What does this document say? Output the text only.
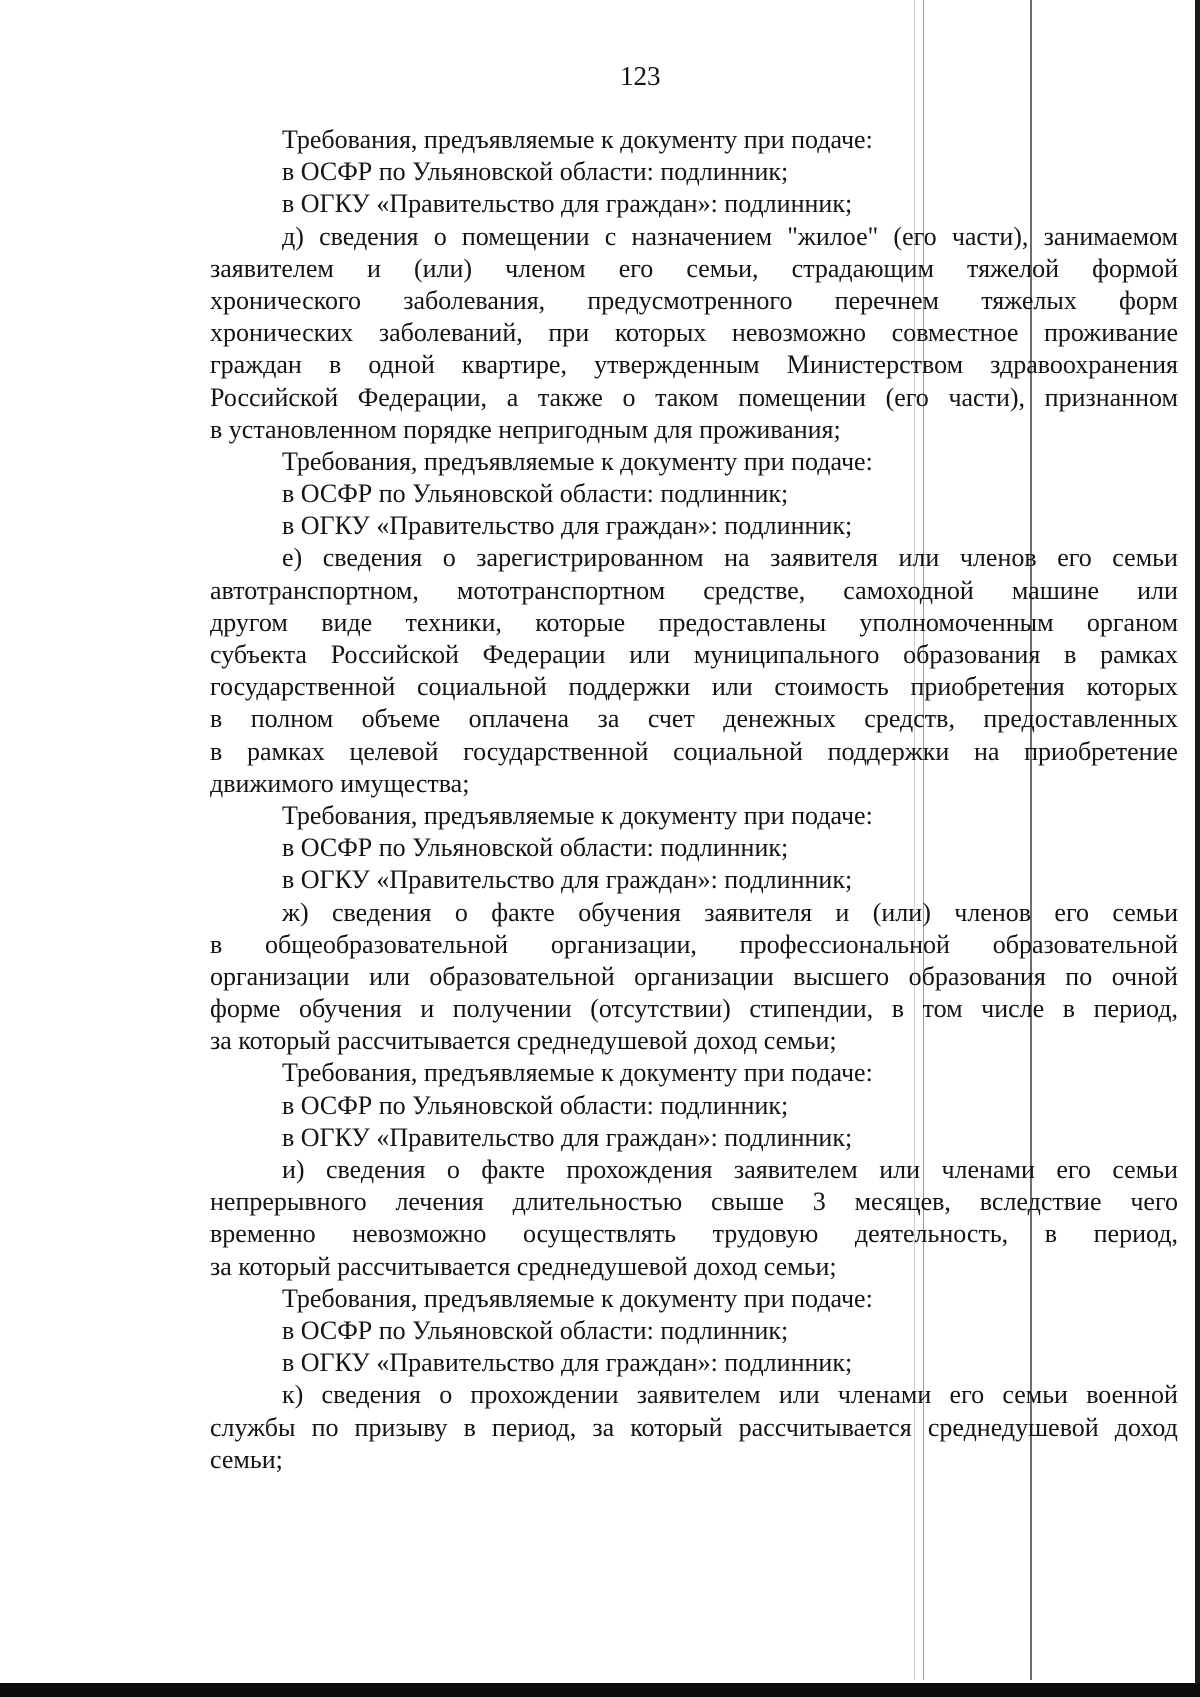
123
Требования, предъявляемые к документу при подаче:
в ОСФР по Ульяновской области: подлинник;
в ОГКУ «Правительство для граждан»: подлинник;
д) сведения о помещении с назначением "жилое" (его части), занимаемом
заявителем и (или) членом его семьи, страдающим тяжелой формой
хронического заболевания, предусмотренного перечнем тяжелых форм
хронических заболеваний, при которых невозможно совместное проживание
граждан в одной квартире, утвержденным Министерством здравоохранения
Российской Федерации, а также о таком помещении (его части), признанном
в установленном порядке непригодным для проживания;
Требования, предъявляемые к документу при подаче:
в ОСФР по Ульяновской области: подлинник;
в ОГКУ «Правительство для граждан»: подлинник;
е) сведения о зарегистрированном на заявителя или членов его семьи
автотранспортном, мототранспортном средстве, самоходной машине или
другом виде техники, которые предоставлены уполномоченным органом
субъекта Российской Федерации или муниципального образования в рамках
государственной социальной поддержки или стоимость приобретения которых
в полном объеме оплачена за счет денежных средств, предоставленных
в рамках целевой государственной социальной поддержки на приобретение
движимого имущества;
Требования, предъявляемые к документу при подаче:
в ОСФР по Ульяновской области: подлинник;
в ОГКУ «Правительство для граждан»: подлинник;
ж) сведения о факте обучения заявителя и (или) членов его семьи
в общеобразовательной организации, профессиональной образовательной
организации или образовательной организации высшего образования по очной
форме обучения и получении (отсутствии) стипендии, в том числе в период,
за который рассчитывается среднедушевой доход семьи;
Требования, предъявляемые к документу при подаче:
в ОСФР по Ульяновской области: подлинник;
в ОГКУ «Правительство для граждан»: подлинник;
и) сведения о факте прохождения заявителем или членами его семьи
непрерывного лечения длительностью свыше 3 месяцев, вследствие чего
временно невозможно осуществлять трудовую деятельность, в период,
за который рассчитывается среднедушевой доход семьи;
Требования, предъявляемые к документу при подаче:
в ОСФР по Ульяновской области: подлинник;
в ОГКУ «Правительство для граждан»: подлинник;
к) сведения о прохождении заявителем или членами его семьи военной
службы по призыву в период, за который рассчитывается среднедушевой доход
семьи;
